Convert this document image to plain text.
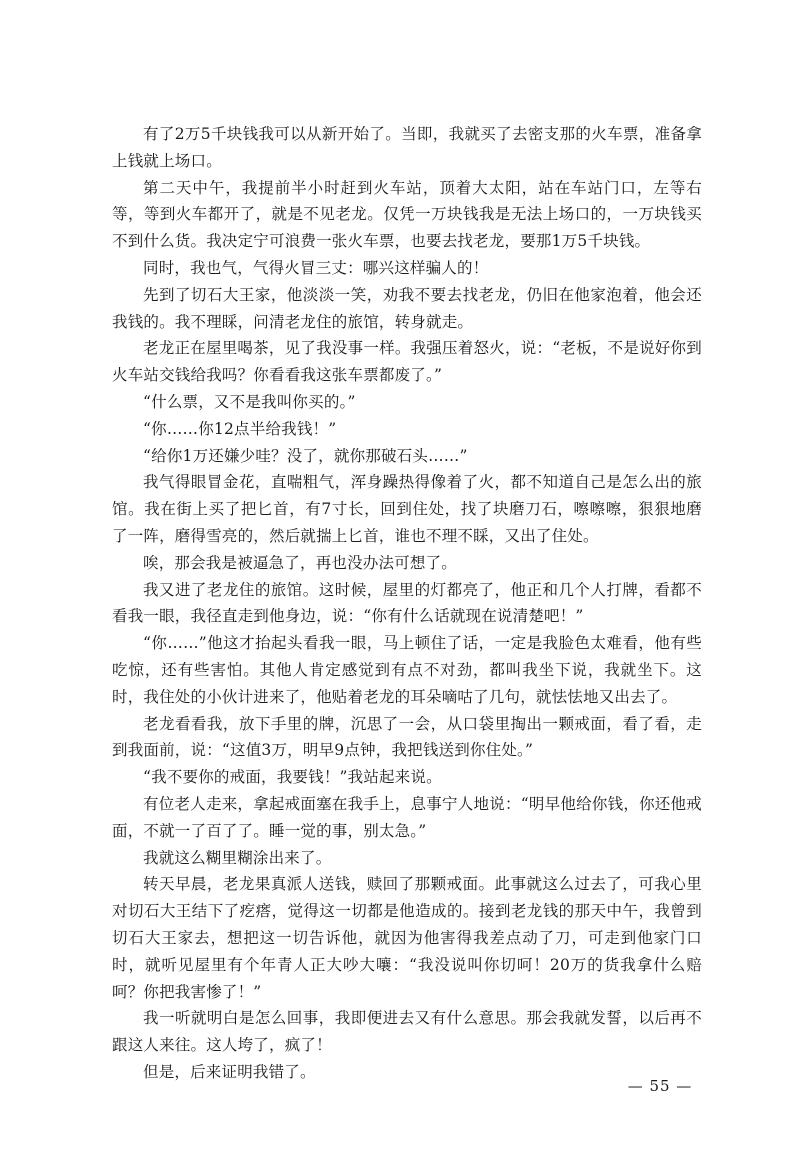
有了2万5千块钱我可以从新开始了。当即，我就买了去密支那的火车票，准备拿上钱就上场口。

第二天中午，我提前半小时赶到火车站，顶着大太阳，站在车站门口，左等右等，等到火车都开了，就是不见老龙。仅凭一万块钱我是无法上场口的，一万块钱买不到什么货。我决定宁可浪费一张火车票，也要去找老龙，要那1万5千块钱。

同时，我也气，气得火冒三丈：哪兴这样骗人的！

先到了切石大王家，他淡淡一笑，劝我不要去找老龙，仍旧在他家泡着，他会还我钱的。我不理睬，问清老龙住的旅馆，转身就走。

老龙正在屋里喝茶，见了我没事一样。我强压着怒火，说：“老板，不是说好你到火车站交钱给我吗？你看看我这张车票都废了。”

“什么票，又不是我叫你买的。”

“你……你12点半给我钱！”

“给你1万还嫌少哇？没了，就你那破石头……”

我气得眼冒金花，直喘粗气，浑身躁热得像着了火，都不知道自己是怎么出的旅馆。我在街上买了把匕首，有7寸长，回到住处，找了块磨刀石，嚓嚓嚓，狠狠地磨了一阵，磨得雪亮的，然后就揣上匕首，谁也不理不睬，又出了住处。

唉，那会我是被逼急了，再也没办法可想了。

我又进了老龙住的旅馆。这时候，屋里的灯都亮了，他正和几个人打牌，看都不看我一眼，我径直走到他身边，说：“你有什么话就现在说清楚吧！”

“你……”他这才抬起头看我一眼，马上顿住了话，一定是我脸色太难看，他有些吃惊，还有些害怕。其他人肯定感觉到有点不对劲，都叫我坐下说，我就坐下。这时，我住处的小伙计进来了，他贴着老龙的耳朵嘀咕了几句，就怯怯地又出去了。

老龙看看我，放下手里的牌，沉思了一会，从口袋里掏出一颗戒面，看了看，走到我面前，说：“这值3万，明早9点钟，我把钱送到你住处。”

“我不要你的戒面，我要钱！”我站起来说。

有位老人走来，拿起戒面塞在我手上，息事宁人地说：“明早他给你钱，你还他戒面，不就一了百了了。睡一觉的事，别太急。”

我就这么糊里糊涂出来了。

转天早晨，老龙果真派人送钱，赎回了那颗戒面。此事就这么过去了，可我心里对切石大王结下了疙瘩，觉得这一切都是他造成的。接到老龙钱的那天中午，我曾到切石大王家去，想把这一切告诉他，就因为他害得我差点动了刀，可走到他家门口时，就听见屋里有个年青人正大吵大嚷：“我没说叫你切呵！20万的货我拿什么赔呵？你把我害惨了！”

我一听就明白是怎么回事，我即便进去又有什么意思。那会我就发誓，以后再不跟这人来往。这人垮了，疯了！

但是，后来证明我错了。

— 55 —
